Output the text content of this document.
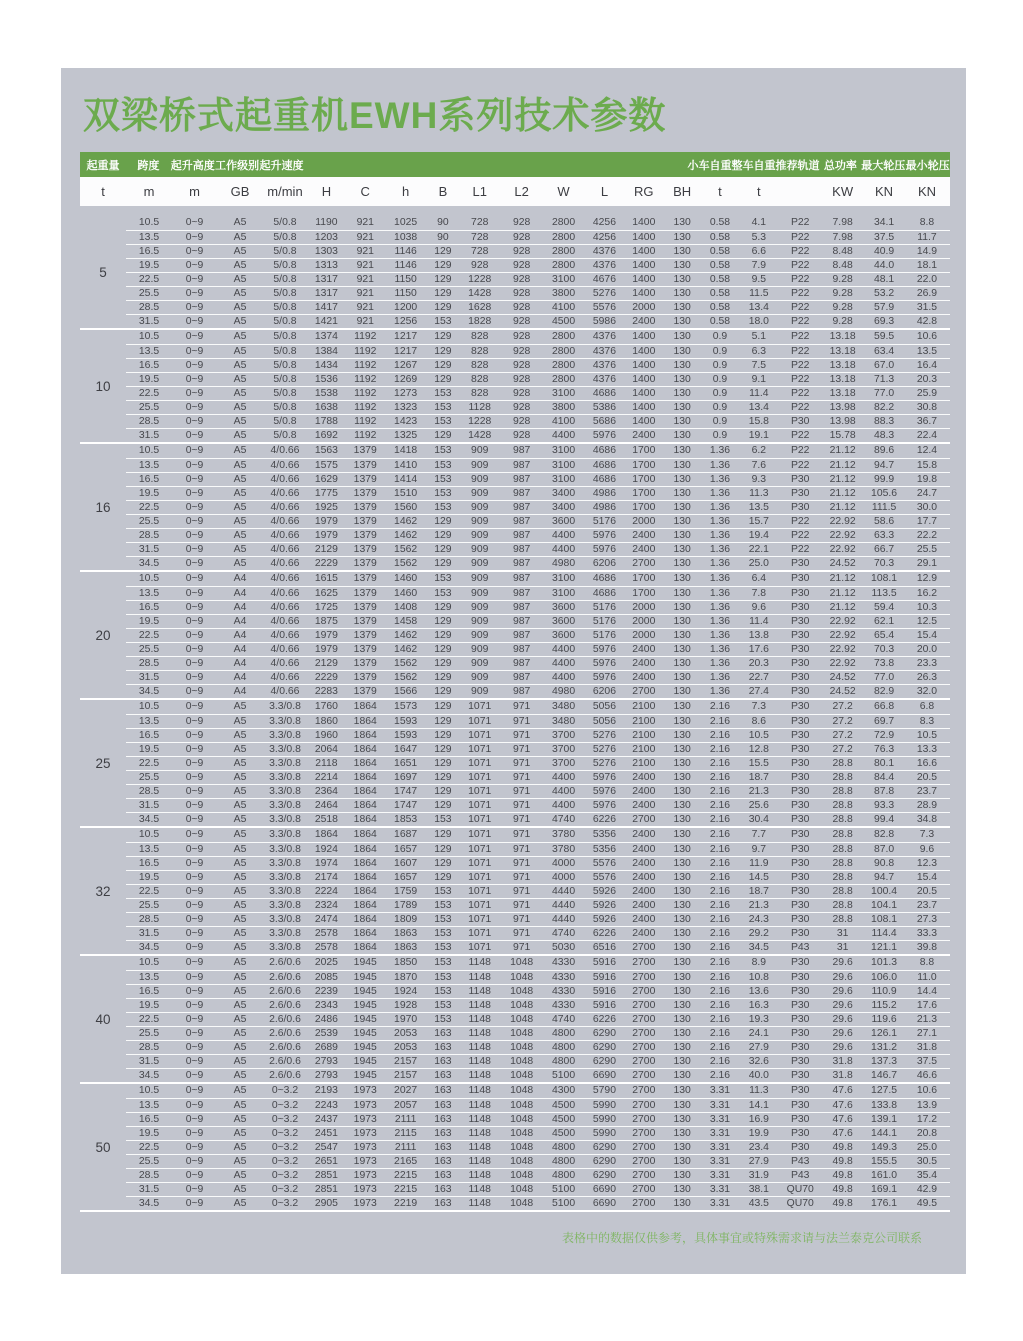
双梁桥式起重机EWH系列技术参数
起重量	跨度	起升高度 工作级别 起升速度	小车自重 整车自重 推荐轨道 总功率 最大轮压 最小轮压
t	m	m	GB	m/min	H	C	h	B	L1	L2	W	L	RG	BH	t	t	KW	KN	KN
5
10.5	0~9	A5	5/0.8	1190	921	1025	90	728	928	2800	4256	1400	130	0.58	4.1	P22	7.98	34.1	8.8
13.5	0~9	A5	5/0.8	1203	921	1038	90	728	928	2800	4256	1400	130	0.58	5.3	P22	7.98	37.5	11.7
16.5	0~9	A5	5/0.8	1303	921	1146	129	728	928	2800	4376	1400	130	0.58	6.6	P22	8.48	40.9	14.9
19.5	0~9	A5	5/0.8	1313	921	1146	129	928	928	2800	4376	1400	130	0.58	7.9	P22	8.48	44.0	18.1
22.5	0~9	A5	5/0.8	1317	921	1150	129	1228	928	3100	4676	1400	130	0.58	9.5	P22	9.28	48.1	22.0
25.5	0~9	A5	5/0.8	1317	921	1150	129	1428	928	3800	5276	1400	130	0.58	11.5	P22	9.28	53.2	26.9
28.5	0~9	A5	5/0.8	1417	921	1200	129	1628	928	4100	5576	2000	130	0.58	13.4	P22	9.28	57.9	31.5
31.5	0~9	A5	5/0.8	1421	921	1256	153	1828	928	4500	5986	2400	130	0.58	18.0	P22	9.28	69.3	42.8
10
10.5	0~9	A5	5/0.8	1374	1192	1217	129	828	928	2800	4376	1400	130	0.9	5.1	P22	13.18	59.5	10.6
13.5	0~9	A5	5/0.8	1384	1192	1217	129	828	928	2800	4376	1400	130	0.9	6.3	P22	13.18	63.4	13.5
16.5	0~9	A5	5/0.8	1434	1192	1267	129	828	928	2800	4376	1400	130	0.9	7.5	P22	13.18	67.0	16.4
19.5	0~9	A5	5/0.8	1536	1192	1269	129	828	928	2800	4376	1400	130	0.9	9.1	P22	13.18	71.3	20.3
22.5	0~9	A5	5/0.8	1538	1192	1273	153	828	928	3100	4686	1400	130	0.9	11.4	P22	13.18	77.0	25.9
25.5	0~9	A5	5/0.8	1638	1192	1323	153	1128	928	3800	5386	1400	130	0.9	13.4	P22	13.98	82.2	30.8
28.5	0~9	A5	5/0.8	1788	1192	1423	153	1228	928	4100	5686	1400	130	0.9	15.8	P30	13.98	88.3	36.7
31.5	0~9	A5	5/0.8	1692	1192	1325	129	1428	928	4400	5976	2400	130	0.9	19.1	P22	15.78	48.3	22.4
16
10.5	0~9	A5	4/0.66	1563	1379	1418	153	909	987	3100	4686	1700	130	1.36	6.2	P22	21.12	89.6	12.4
13.5	0~9	A5	4/0.66	1575	1379	1410	153	909	987	3100	4686	1700	130	1.36	7.6	P22	21.12	94.7	15.8
16.5	0~9	A5	4/0.66	1629	1379	1414	153	909	987	3100	4686	1700	130	1.36	9.3	P30	21.12	99.9	19.8
19.5	0~9	A5	4/0.66	1775	1379	1510	153	909	987	3400	4986	1700	130	1.36	11.3	P30	21.12	105.6	24.7
22.5	0~9	A5	4/0.66	1925	1379	1560	153	909	987	3400	4986	1700	130	1.36	13.5	P30	21.12	111.5	30.0
25.5	0~9	A5	4/0.66	1979	1379	1462	129	909	987	3600	5176	2000	130	1.36	15.7	P22	22.92	58.6	17.7
28.5	0~9	A5	4/0.66	1979	1379	1462	129	909	987	4400	5976	2400	130	1.36	19.4	P22	22.92	63.3	22.2
31.5	0~9	A5	4/0.66	2129	1379	1562	129	909	987	4400	5976	2400	130	1.36	22.1	P22	22.92	66.7	25.5
34.5	0~9	A5	4/0.66	2229	1379	1562	129	909	987	4980	6206	2700	130	1.36	25.0	P30	24.52	70.3	29.1
20
10.5	0~9	A4	4/0.66	1615	1379	1460	153	909	987	3100	4686	1700	130	1.36	6.4	P30	21.12	108.1	12.9
13.5	0~9	A4	4/0.66	1625	1379	1460	153	909	987	3100	4686	1700	130	1.36	7.8	P30	21.12	113.5	16.2
16.5	0~9	A4	4/0.66	1725	1379	1408	129	909	987	3600	5176	2000	130	1.36	9.6	P30	21.12	59.4	10.3
19.5	0~9	A4	4/0.66	1875	1379	1458	129	909	987	3600	5176	2000	130	1.36	11.4	P30	22.92	62.1	12.5
22.5	0~9	A4	4/0.66	1979	1379	1462	129	909	987	3600	5176	2000	130	1.36	13.8	P30	22.92	65.4	15.4
25.5	0~9	A4	4/0.66	1979	1379	1462	129	909	987	4400	5976	2400	130	1.36	17.6	P30	22.92	70.3	20.0
28.5	0~9	A4	4/0.66	2129	1379	1562	129	909	987	4400	5976	2400	130	1.36	20.3	P30	22.92	73.8	23.3
31.5	0~9	A4	4/0.66	2229	1379	1562	129	909	987	4400	5976	2400	130	1.36	22.7	P30	24.52	77.0	26.3
34.5	0~9	A4	4/0.66	2283	1379	1566	129	909	987	4980	6206	2700	130	1.36	27.4	P30	24.52	82.9	32.0
25
10.5	0~9	A5	3.3/0.8	1760	1864	1573	129	1071	971	3480	5056	2100	130	2.16	7.3	P30	27.2	66.8	6.8
13.5	0~9	A5	3.3/0.8	1860	1864	1593	129	1071	971	3480	5056	2100	130	2.16	8.6	P30	27.2	69.7	8.3
16.5	0~9	A5	3.3/0.8	1960	1864	1593	129	1071	971	3700	5276	2100	130	2.16	10.5	P30	27.2	72.9	10.5
19.5	0~9	A5	3.3/0.8	2064	1864	1647	129	1071	971	3700	5276	2100	130	2.16	12.8	P30	27.2	76.3	13.3
22.5	0~9	A5	3.3/0.8	2118	1864	1651	129	1071	971	3700	5276	2100	130	2.16	15.5	P30	28.8	80.1	16.6
25.5	0~9	A5	3.3/0.8	2214	1864	1697	129	1071	971	4400	5976	2400	130	2.16	18.7	P30	28.8	84.4	20.5
28.5	0~9	A5	3.3/0.8	2364	1864	1747	129	1071	971	4400	5976	2400	130	2.16	21.3	P30	28.8	87.8	23.7
31.5	0~9	A5	3.3/0.8	2464	1864	1747	129	1071	971	4400	5976	2400	130	2.16	25.6	P30	28.8	93.3	28.9
34.5	0~9	A5	3.3/0.8	2518	1864	1853	153	1071	971	4740	6226	2700	130	2.16	30.4	P30	28.8	99.4	34.8
32
10.5	0~9	A5	3.3/0.8	1864	1864	1687	129	1071	971	3780	5356	2400	130	2.16	7.7	P30	28.8	82.8	7.3
13.5	0~9	A5	3.3/0.8	1924	1864	1657	129	1071	971	3780	5356	2400	130	2.16	9.7	P30	28.8	87.0	9.6
16.5	0~9	A5	3.3/0.8	1974	1864	1607	129	1071	971	4000	5576	2400	130	2.16	11.9	P30	28.8	90.8	12.3
19.5	0~9	A5	3.3/0.8	2174	1864	1657	129	1071	971	4000	5576	2400	130	2.16	14.5	P30	28.8	94.7	15.4
22.5	0~9	A5	3.3/0.8	2224	1864	1759	153	1071	971	4440	5926	2400	130	2.16	18.7	P30	28.8	100.4	20.5
25.5	0~9	A5	3.3/0.8	2324	1864	1789	153	1071	971	4440	5926	2400	130	2.16	21.3	P30	28.8	104.1	23.7
28.5	0~9	A5	3.3/0.8	2474	1864	1809	153	1071	971	4440	5926	2400	130	2.16	24.3	P30	28.8	108.1	27.3
31.5	0~9	A5	3.3/0.8	2578	1864	1863	153	1071	971	4740	6226	2400	130	2.16	29.2	P30	31	114.4	33.3
34.5	0~9	A5	3.3/0.8	2578	1864	1863	153	1071	971	5030	6516	2700	130	2.16	34.5	P43	31	121.1	39.8
40
10.5	0~9	A5	2.6/0.6	2025	1945	1850	153	1148	1048	4330	5916	2700	130	2.16	8.9	P30	29.6	101.3	8.8
13.5	0~9	A5	2.6/0.6	2085	1945	1870	153	1148	1048	4330	5916	2700	130	2.16	10.8	P30	29.6	106.0	11.0
16.5	0~9	A5	2.6/0.6	2239	1945	1924	153	1148	1048	4330	5916	2700	130	2.16	13.6	P30	29.6	110.9	14.4
19.5	0~9	A5	2.6/0.6	2343	1945	1928	153	1148	1048	4330	5916	2700	130	2.16	16.3	P30	29.6	115.2	17.6
22.5	0~9	A5	2.6/0.6	2486	1945	1970	153	1148	1048	4740	6226	2700	130	2.16	19.3	P30	29.6	119.6	21.3
25.5	0~9	A5	2.6/0.6	2539	1945	2053	163	1148	1048	4800	6290	2700	130	2.16	24.1	P30	29.6	126.1	27.1
28.5	0~9	A5	2.6/0.6	2689	1945	2053	163	1148	1048	4800	6290	2700	130	2.16	27.9	P30	29.6	131.2	31.8
31.5	0~9	A5	2.6/0.6	2793	1945	2157	163	1148	1048	4800	6290	2700	130	2.16	32.6	P30	31.8	137.3	37.5
34.5	0~9	A5	2.6/0.6	2793	1945	2157	163	1148	1048	5100	6690	2700	130	2.16	40.0	P30	31.8	146.7	46.6
50
10.5	0~9	A5	0~3.2	2193	1973	2027	163	1148	1048	4300	5790	2700	130	3.31	11.3	P30	47.6	127.5	10.6
13.5	0~9	A5	0~3.2	2243	1973	2057	163	1148	1048	4500	5990	2700	130	3.31	14.1	P30	47.6	133.8	13.9
16.5	0~9	A5	0~3.2	2437	1973	2111	163	1148	1048	4500	5990	2700	130	3.31	16.9	P30	47.6	139.1	17.2
19.5	0~9	A5	0~3.2	2451	1973	2115	163	1148	1048	4500	5990	2700	130	3.31	19.9	P30	47.6	144.1	20.8
22.5	0~9	A5	0~3.2	2547	1973	2111	163	1148	1048	4800	6290	2700	130	3.31	23.4	P30	49.8	149.3	25.0
25.5	0~9	A5	0~3.2	2651	1973	2165	163	1148	1048	4800	6290	2700	130	3.31	27.9	P43	49.8	155.5	30.5
28.5	0~9	A5	0~3.2	2851	1973	2215	163	1148	1048	4800	6290	2700	130	3.31	31.9	P43	49.8	161.0	35.4
31.5	0~9	A5	0~3.2	2851	1973	2215	163	1148	1048	5100	6690	2700	130	3.31	38.1	QU70	49.8	169.1	42.9
34.5	0~9	A5	0~3.2	2905	1973	2219	163	1148	1048	5100	6690	2700	130	3.31	43.5	QU70	49.8	176.1	49.5
表格中的数据仅供参考，具体事宜或特殊需求请与法兰泰克公司联系
